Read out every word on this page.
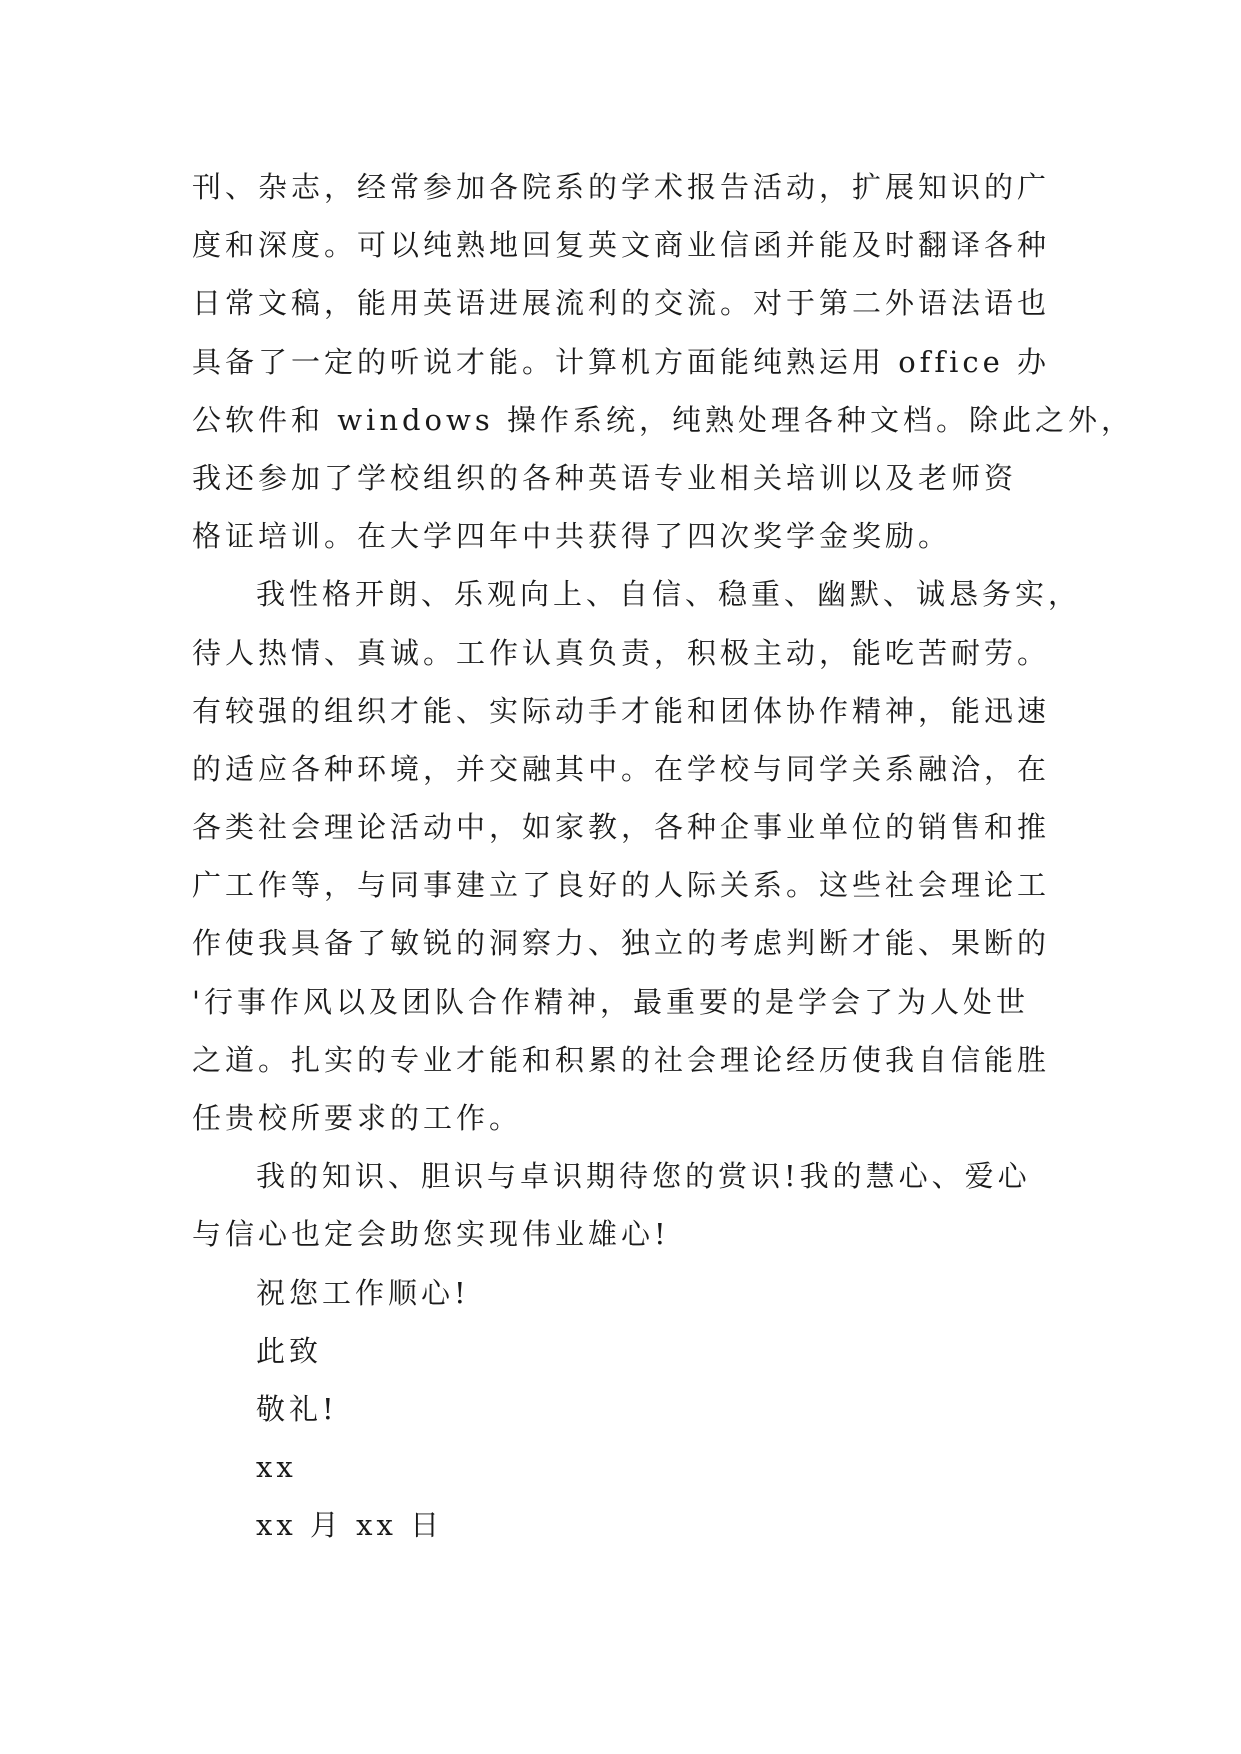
刊、杂志，经常参加各院系的学术报告活动，扩展知识的广
度和深度。可以纯熟地回复英文商业信函并能及时翻译各种
日常文稿，能用英语进展流利的交流。对于第二外语法语也
具备了一定的听说才能。计算机方面能纯熟运用 office 办
公软件和 windows 操作系统，纯熟处理各种文档。除此之外，
我还参加了学校组织的各种英语专业相关培训以及老师资
格证培训。在大学四年中共获得了四次奖学金奖励。
我性格开朗、乐观向上、自信、稳重、幽默、诚恳务实，
待人热情、真诚。工作认真负责，积极主动，能吃苦耐劳。
有较强的组织才能、实际动手才能和团体协作精神，能迅速
的适应各种环境，并交融其中。在学校与同学关系融洽，在
各类社会理论活动中，如家教，各种企事业单位的销售和推
广工作等，与同事建立了良好的人际关系。这些社会理论工
作使我具备了敏锐的洞察力、独立的考虑判断才能、果断的
'行事作风以及团队合作精神，最重要的是学会了为人处世
之道。扎实的专业才能和积累的社会理论经历使我自信能胜
任贵校所要求的工作。
我的知识、胆识与卓识期待您的赏识!我的慧心、爱心
与信心也定会助您实现伟业雄心!
祝您工作顺心!
此致
敬礼!
xx
xx 月 xx 日
